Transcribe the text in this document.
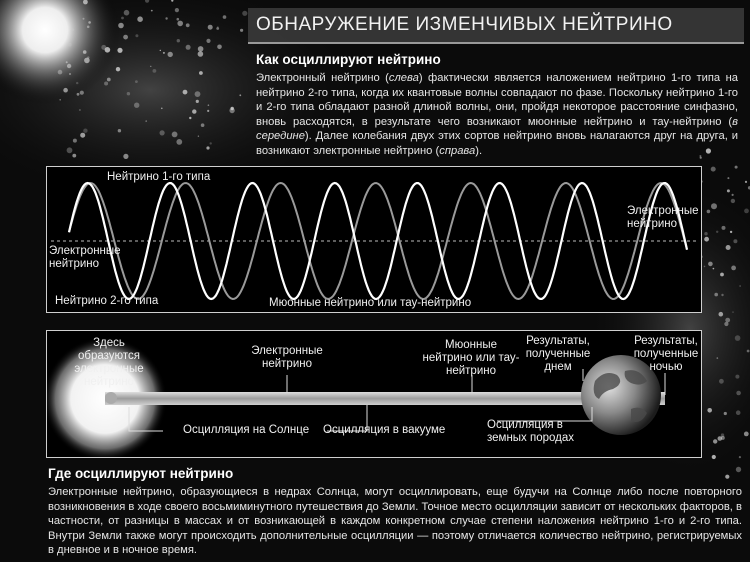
ОБНАРУЖЕНИЕ ИЗМЕНЧИВЫХ НЕЙТРИНО
Как осциллируют нейтрино
Электронный нейтрино (слева) фактически является наложением нейтрино 1-го типа на нейтрино 2-го типа, когда их квантовые волны совпадают по фазе. Поскольку нейтрино 1-го и 2-го типа обладают разной длиной волны, они, пройдя некоторое расстояние синфазно, вновь расходятся, в результате чего возникают мюонные нейтрино и тау-нейтрино (в середине). Далее колебания двух этих сортов нейтрино вновь налагаются друг на друга, и возникают электронные нейтрино (справа).
Нейтрино 1-го типа
Нейтрино 2-го типа
Электронные нейтрино
Электронные нейтрино
Мюонные нейтрино или тау-нейтрино
Здесь образуются электронные нейтрино
Электронные нейтрино
Мюонные нейтрино или тау-нейтрино
Результаты, полученные днем
Результаты, полученные ночью
Осцилляция на Солнце Осцилляция в вакууме	Осцилляция в земных породах
Где осциллируют нейтрино
Электронные нейтрино, образующиеся в недрах Солнца, могут осциллировать, еще будучи на Солнце либо после повторного возникновения в ходе своего восьмиминутного путешествия до Земли. Точное место осцилляции зависит от нескольких факторов, в частности, от разницы в массах и от возникающей в каждом конкретном случае степени наложения нейтрино 1-го и 2-го типа. Внутри Земли также могут происходить дополнительные осцилляции — поэтому отличается количество нейтрино, регистрируемых в дневное и в ночное время.
